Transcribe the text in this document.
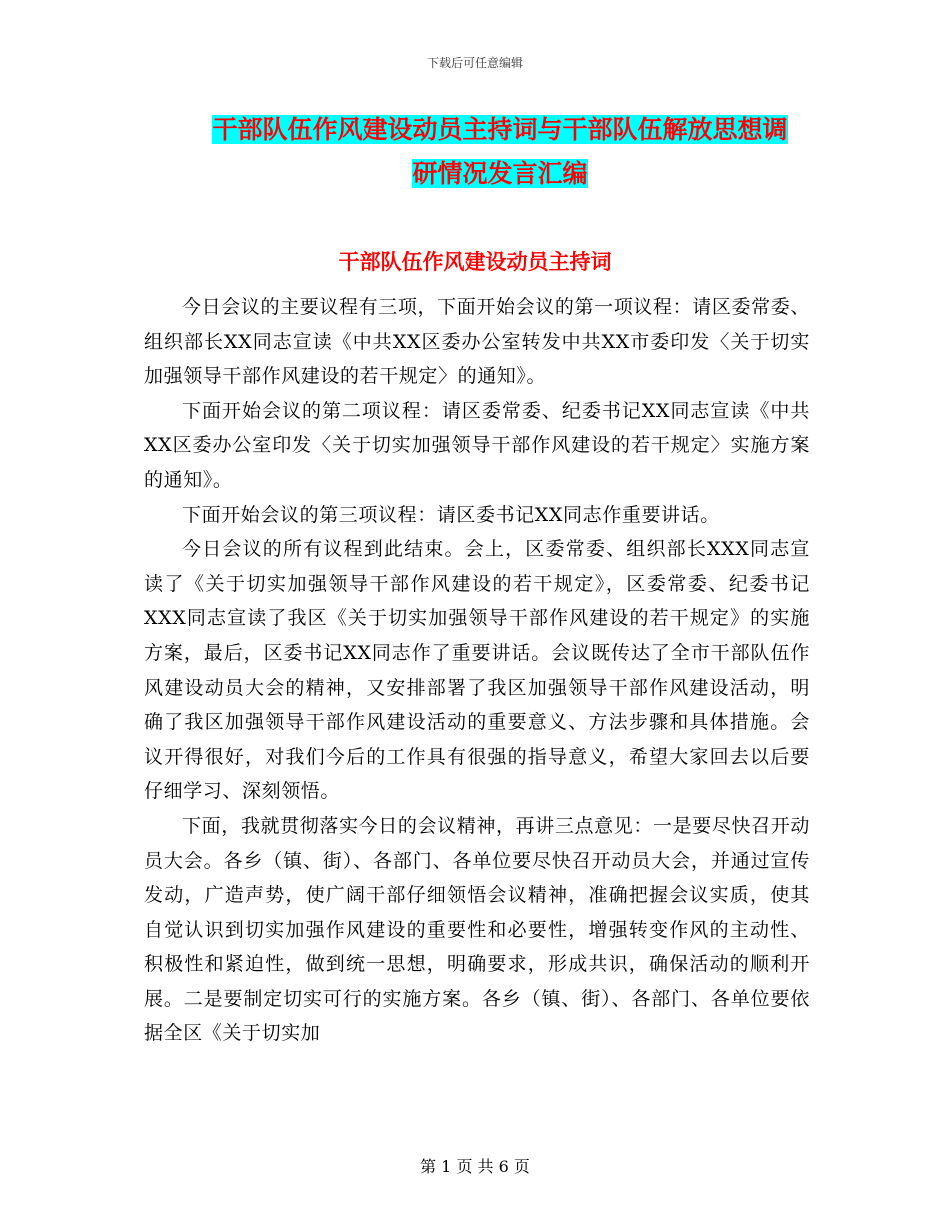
下载后可任意编辑
干部队伍作风建设动员主持词与干部队伍解放思想调
研情况发言汇编
干部队伍作风建设动员主持词

今日会议的主要议程有三项，下面开始会议的第一项议程：请区委常委、组织部长XX同志宣读《中共XX区委办公室转发中共XX市委印发〈关于切实加强领导干部作风建设的若干规定〉的通知》。

下面开始会议的第二项议程：请区委常委、纪委书记XX同志宣读《中共XX区委办公室印发〈关于切实加强领导干部作风建设的若干规定〉实施方案的通知》。

下面开始会议的第三项议程：请区委书记XX同志作重要讲话。

今日会议的所有议程到此结束。会上，区委常委、组织部长XXX同志宣读了《关于切实加强领导干部作风建设的若干规定》，区委常委、纪委书记XXX同志宣读了我区《关于切实加强领导干部作风建设的若干规定》的实施方案，最后，区委书记XX同志作了重要讲话。会议既传达了全市干部队伍作风建设动员大会的精神，又安排部署了我区加强领导干部作风建设活动，明确了我区加强领导干部作风建设活动的重要意义、方法步骤和具体措施。会议开得很好，对我们今后的工作具有很强的指导意义，希望大家回去以后要仔细学习、深刻领悟。

下面，我就贯彻落实今日的会议精神，再讲三点意见：一是要尽快召开动员大会。各乡（镇、街）、各部门、各单位要尽快召开动员大会，并通过宣传发动，广造声势，使广阔干部仔细领悟会议精神，准确把握会议实质，使其自觉认识到切实加强作风建设的重要性和必要性，增强转变作风的主动性、积极性和紧迫性，做到统一思想，明确要求，形成共识，确保活动的顺利开展。二是要制定切实可行的实施方案。各乡（镇、街）、各部门、各单位要依据全区《关于切实加

第 1 页 共 6 页
